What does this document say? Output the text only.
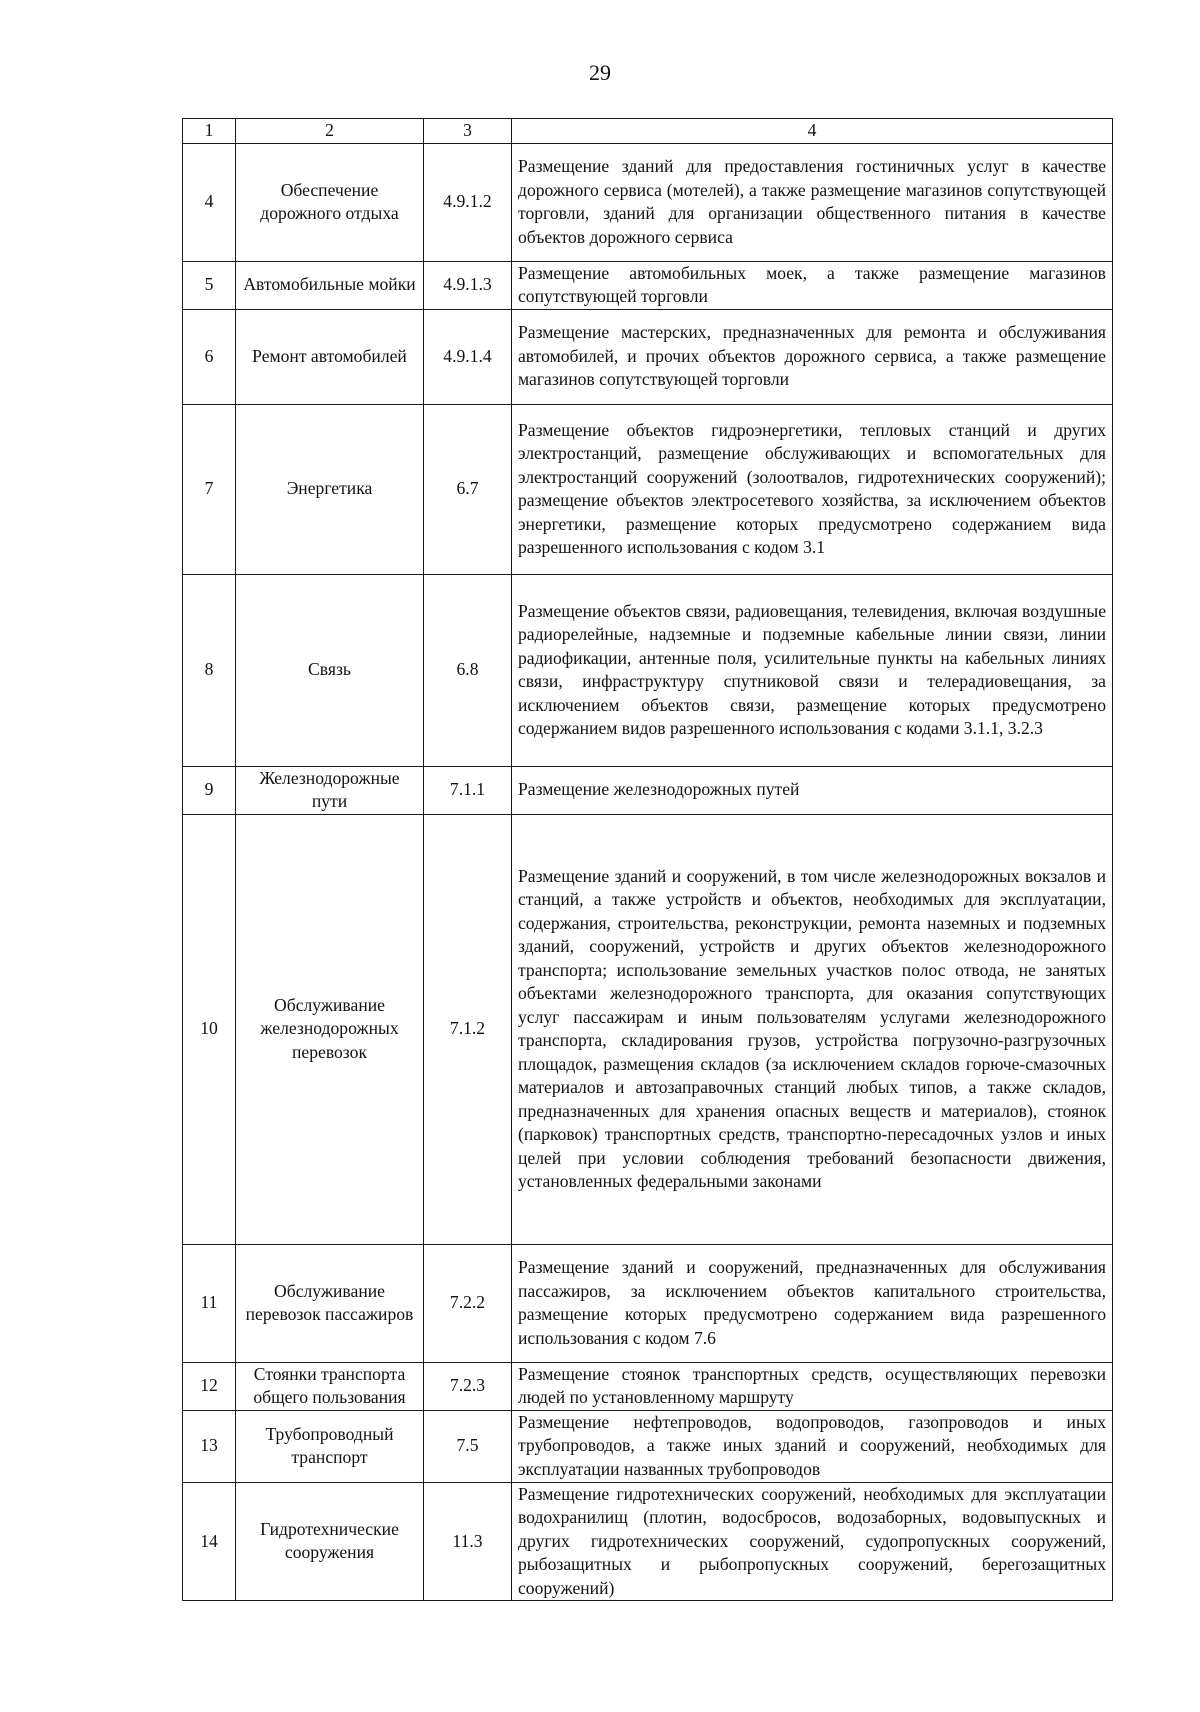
29
1	2	3	4
4	Обеспечение дорожного отдыха	4.9.1.2	Размещение зданий для предоставления гостиничных услуг в качестве дорожного сервиса (мотелей), а также размещение магазинов сопутствующей торговли, зданий для организации общественного питания в качестве объектов дорожного сервиса
5	Автомобильные мойки	4.9.1.3	Размещение автомобильных моек, а также размещение магазинов сопутствующей торговли
6	Ремонт автомобилей	4.9.1.4	Размещение мастерских, предназначенных для ремонта и обслуживания автомобилей, и прочих объектов дорожного сервиса, а также размещение магазинов сопутствующей торговли
7	Энергетика	6.7	Размещение объектов гидроэнергетики, тепловых станций и других электростанций, размещение обслуживающих и вспомогательных для электростанций сооружений (золоотвалов, гидротехнических сооружений); размещение объектов электросетевого хозяйства, за исключением объектов энергетики, размещение которых предусмотрено содержанием вида разрешенного использования с кодом 3.1
8	Связь	6.8	Размещение объектов связи, радиовещания, телевидения, включая воздушные радиорелейные, надземные и подземные кабельные линии связи, линии радиофикации, антенные поля, усилительные пункты на кабельных линиях связи, инфраструктуру спутниковой связи и телерадиовещания, за исключением объектов связи, размещение которых предусмотрено содержанием видов разрешенного использования с кодами 3.1.1, 3.2.3
9	Железнодорожные пути	7.1.1	Размещение железнодорожных путей
10	Обслуживание железнодорожных перевозок	7.1.2	Размещение зданий и сооружений, в том числе железнодорожных вокзалов и станций, а также устройств и объектов, необходимых для эксплуатации, содержания, строительства, реконструкции, ремонта наземных и подземных зданий, сооружений, устройств и других объектов железнодорожного транспорта; использование земельных участков полос отвода, не занятых объектами железнодорожного транспорта, для оказания сопутствующих услуг пассажирам и иным пользователям услугами железнодорожного транспорта, складирования грузов, устройства погрузочно-разгрузочных площадок, размещения складов (за исключением складов горюче-смазочных материалов и автозаправочных станций любых типов, а также складов, предназначенных для хранения опасных веществ и материалов), стоянок (парковок) транспортных средств, транспортно-пересадочных узлов и иных целей при условии соблюдения требований безопасности движения, установленных федеральными законами
11	Обслуживание перевозок пассажиров	7.2.2	Размещение зданий и сооружений, предназначенных для обслуживания пассажиров, за исключением объектов капитального строительства, размещение которых предусмотрено содержанием вида разрешенного использования с кодом 7.6
12	Стоянки транспорта общего пользования	7.2.3	Размещение стоянок транспортных средств, осуществляющих перевозки людей по установленному маршруту
13	Трубопроводный транспорт	7.5	Размещение нефтепроводов, водопроводов, газопроводов и иных трубопроводов, а также иных зданий и сооружений, необходимых для эксплуатации названных трубопроводов
14	Гидротехнические сооружения	11.3	Размещение гидротехнических сооружений, необходимых для эксплуатации водохранилищ (плотин, водосбросов, водозаборных, водовыпускных и других гидротехнических сооружений, судопропускных сооружений, рыбозащитных и рыбопропускных сооружений, берегозащитных сооружений)
